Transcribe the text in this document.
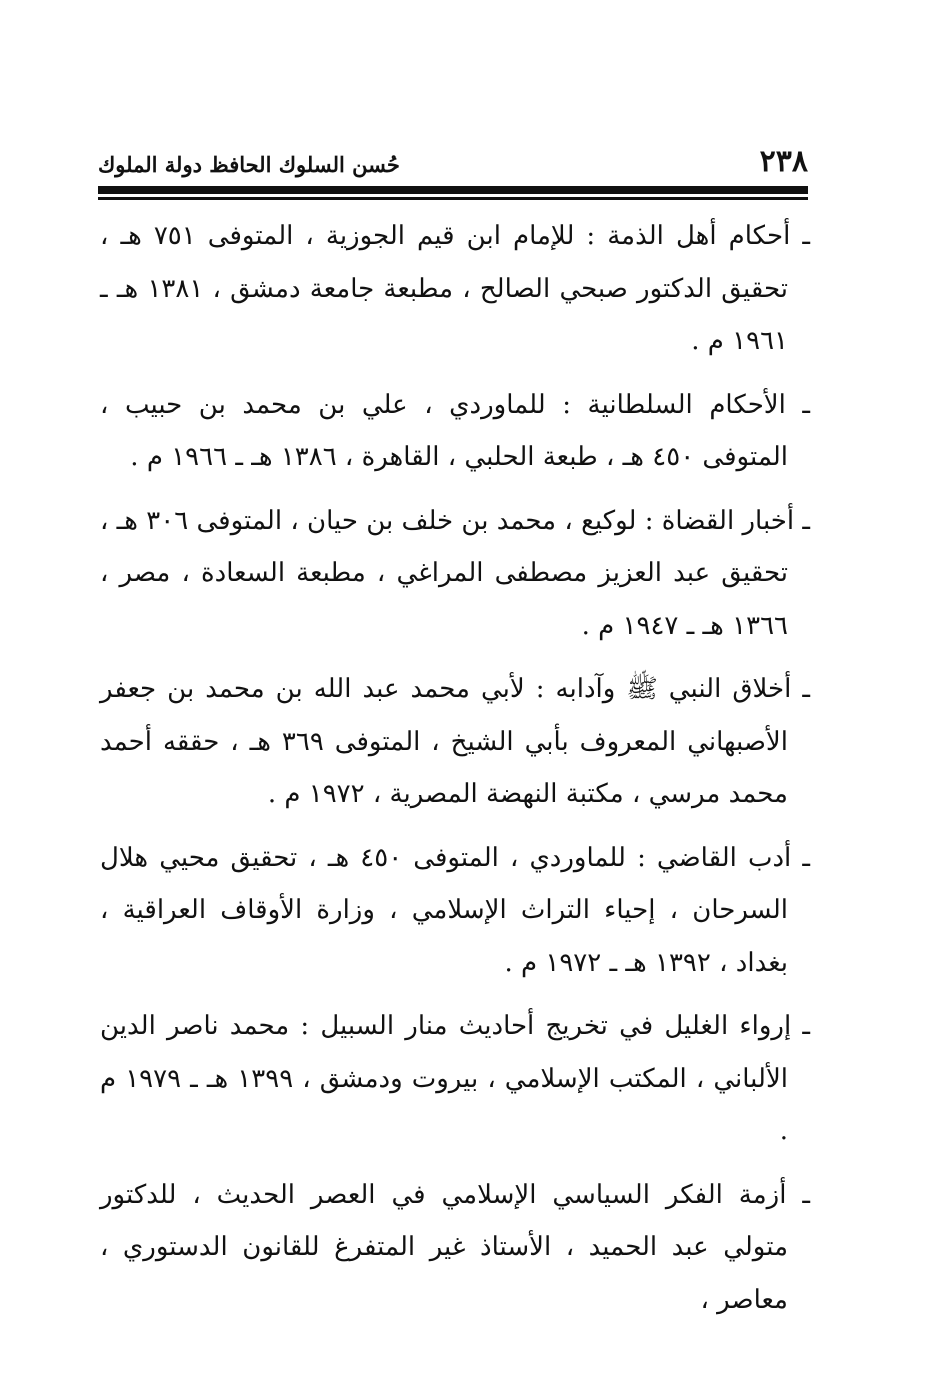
٢٣٨
حُسن السلوك الحافظ دولة الملوك

ـ أحكام أهل الذمة : للإمام ابن قيم الجوزية ، المتوفى ٧٥١ هـ ، تحقيق الدكتور صبحي الصالح ، مطبعة جامعة دمشق ، ١٣٨١ هـ ـ ١٩٦١ م .

ـ الأحكام السلطانية : للماوردي ، علي بن محمد بن حبيب ، المتوفى ٤٥٠ هـ ، طبعة الحلبي ، القاهرة ، ١٣٨٦ هـ ـ ١٩٦٦ م .

ـ أخبار القضاة : لوكيع ، محمد بن خلف بن حيان ، المتوفى ٣٠٦ هـ ، تحقيق عبد العزيز مصطفى المراغي ، مطبعة السعادة ، مصر ، ١٣٦٦ هـ ـ ١٩٤٧ م .

ـ أخلاق النبي ﷺ وآدابه : لأبي محمد عبد الله بن محمد بن جعفر الأصبهاني المعروف بأبي الشيخ ، المتوفى ٣٦٩ هـ ، حققه أحمد محمد مرسي ، مكتبة النهضة المصرية ، ١٩٧٢ م .

ـ أدب القاضي : للماوردي ، المتوفى ٤٥٠ هـ ، تحقيق محيي هلال السرحان ، إحياء التراث الإسلامي ، وزارة الأوقاف العراقية ، بغداد ، ١٣٩٢ هـ ـ ١٩٧٢ م .

ـ إرواء الغليل في تخريج أحاديث منار السبيل : محمد ناصر الدين الألباني ، المكتب الإسلامي ، بيروت ودمشق ، ١٣٩٩ هـ ـ ١٩٧٩ م .

ـ أزمة الفكر السياسي الإسلامي في العصر الحديث ، للدكتور متولي عبد الحميد ، الأستاذ غير المتفرغ للقانون الدستوري ، معاصر ،
